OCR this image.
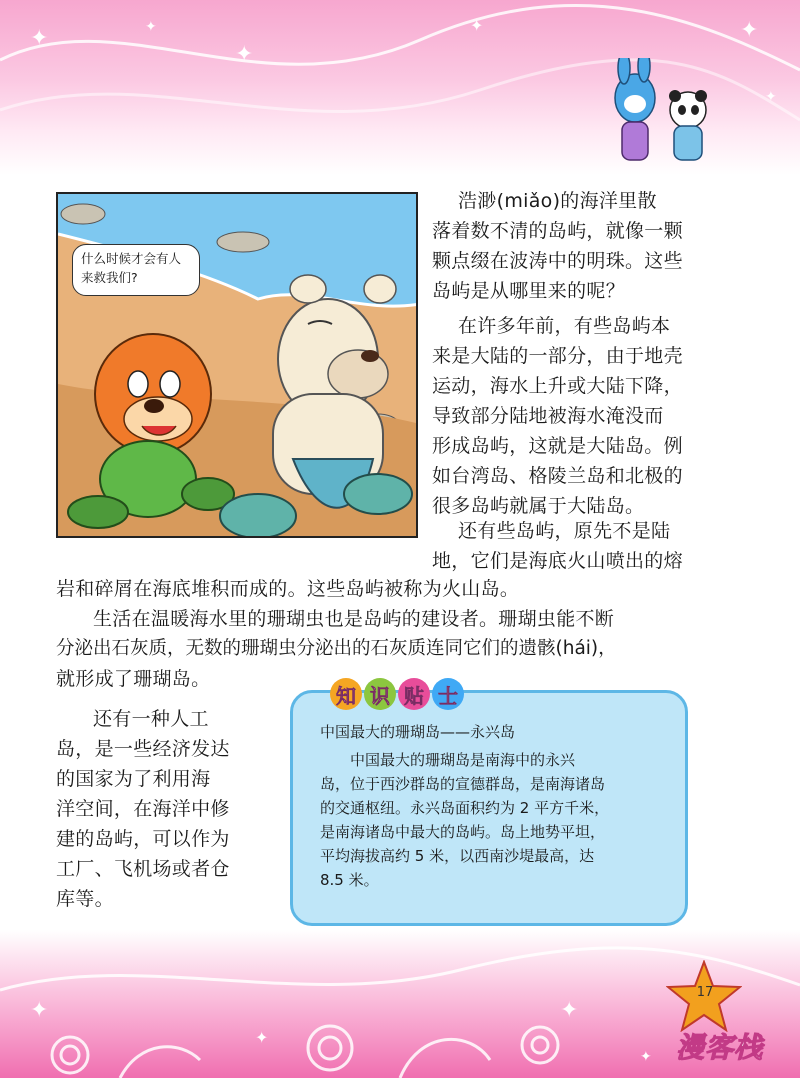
✦	✦
✦
✦	✦
✦
✦
✦
✦
✦
什么时候才会有人来救我们?
浩渺(miǎo)的海洋里散
落着数不清的岛屿，就像一颗
颗点缀在波涛中的明珠。这些
岛屿是从哪里来的呢？
在许多年前，有些岛屿本
来是大陆的一部分，由于地壳
运动，海水上升或大陆下降，
导致部分陆地被海水淹没而
形成岛屿，这就是大陆岛。例
如台湾岛、格陵兰岛和北极的
很多岛屿就属于大陆岛。
还有些岛屿，原先不是陆
地，它们是海底火山喷出的熔
岩和碎屑在海底堆积而成的。这些岛屿被称为火山岛。
生活在温暖海水里的珊瑚虫也是岛屿的建设者。珊瑚虫能不断
分泌出石灰质，无数的珊瑚虫分泌出的石灰质连同它们的遗骸(hái)，
就形成了珊瑚岛。
还有一种人工
岛，是一些经济发达
的国家为了利用海
洋空间，在海洋中修
建的岛屿，可以作为
工厂、飞机场或者仓
库等。
知 识 贴 士
中国最大的珊瑚岛——永兴岛
中国最大的珊瑚岛是南海中的永兴
岛，位于西沙群岛的宣德群岛，是南海诸岛
的交通枢纽。永兴岛面积约为 2 平方千米，
是南海诸岛中最大的岛屿。岛上地势平坦，
平均海拔高约 5 米，以西南沙堤最高，达
8.5 米。
17
漫客栈
